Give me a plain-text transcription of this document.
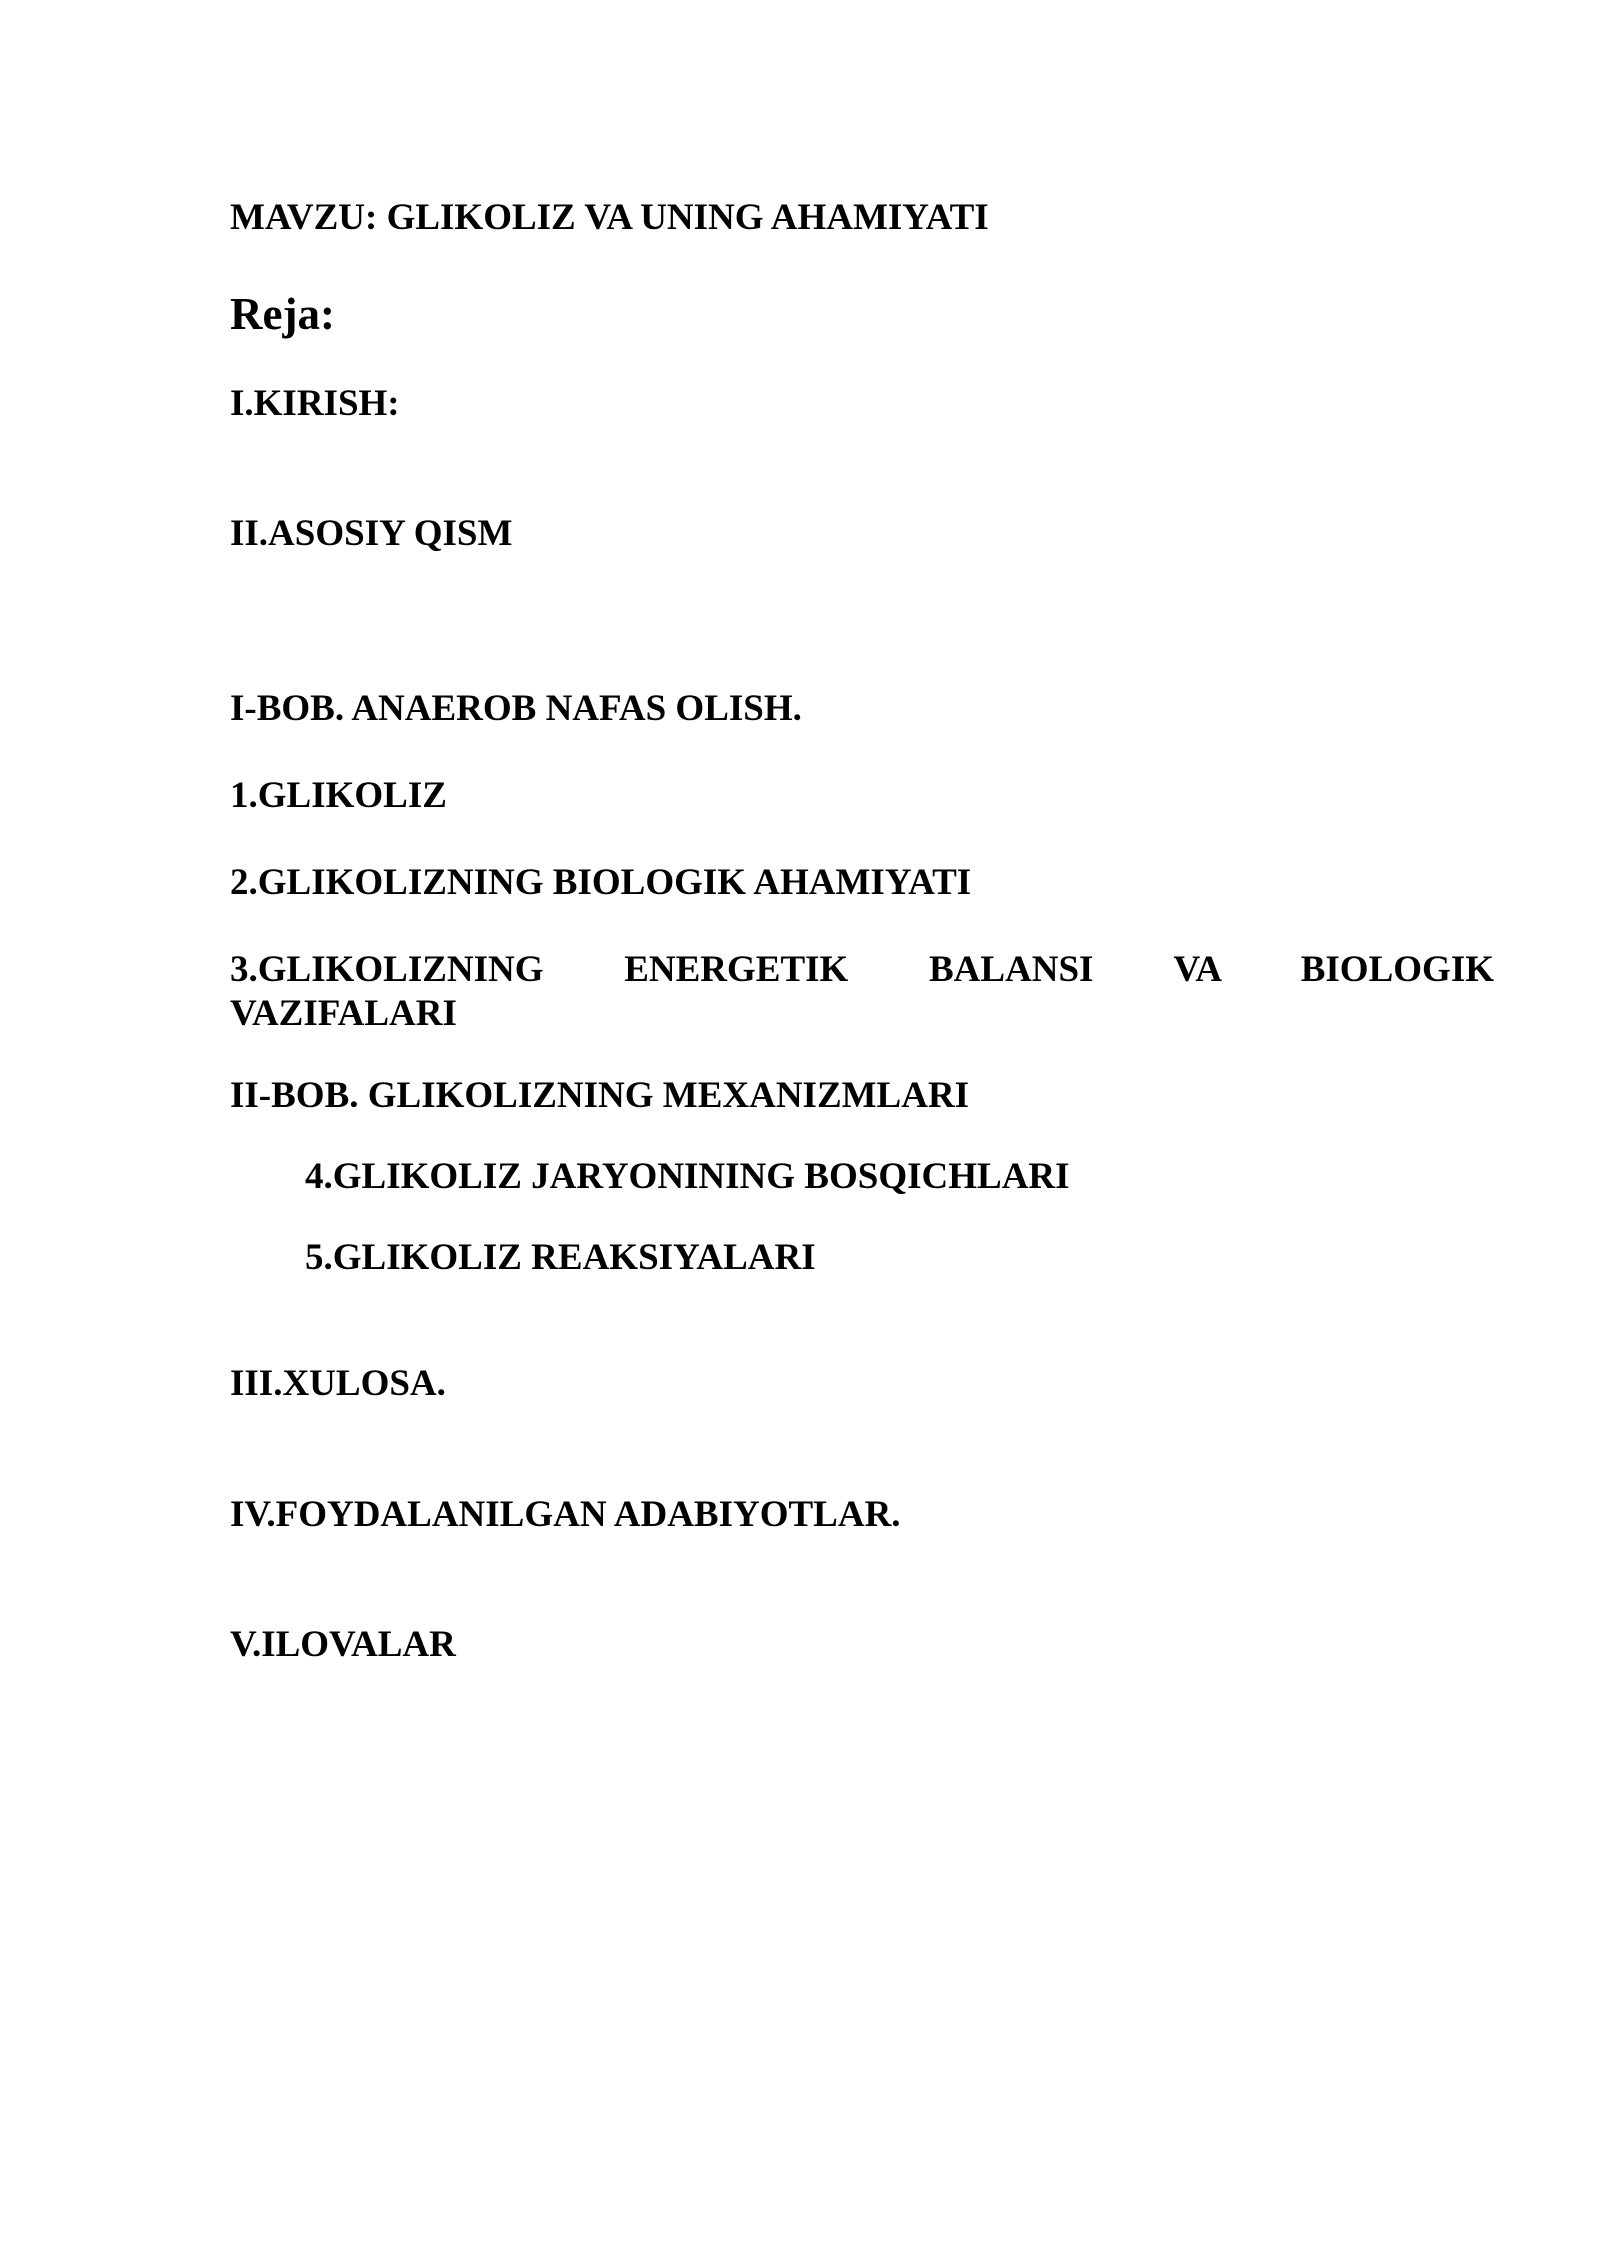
MAVZU: GLIKOLIZ VA UNING AHAMIYATI

Reja:

I.KIRISH:

II.ASOSIY QISM

I-BOB. ANAEROB NAFAS OLISH.

1.GLIKOLIZ

2.GLIKOLIZNING BIOLOGIK AHAMIYATI

3.GLIKOLIZNING ENERGETIK BALANSI VA BIOLOGIK

VAZIFALARI

II-BOB. GLIKOLIZNING MEXANIZMLARI

4.GLIKOLIZ JARYONINING BOSQICHLARI

5.GLIKOLIZ REAKSIYALARI

III.XULOSA.

IV.FOYDALANILGAN ADABIYOTLAR.

V.ILOVALAR
